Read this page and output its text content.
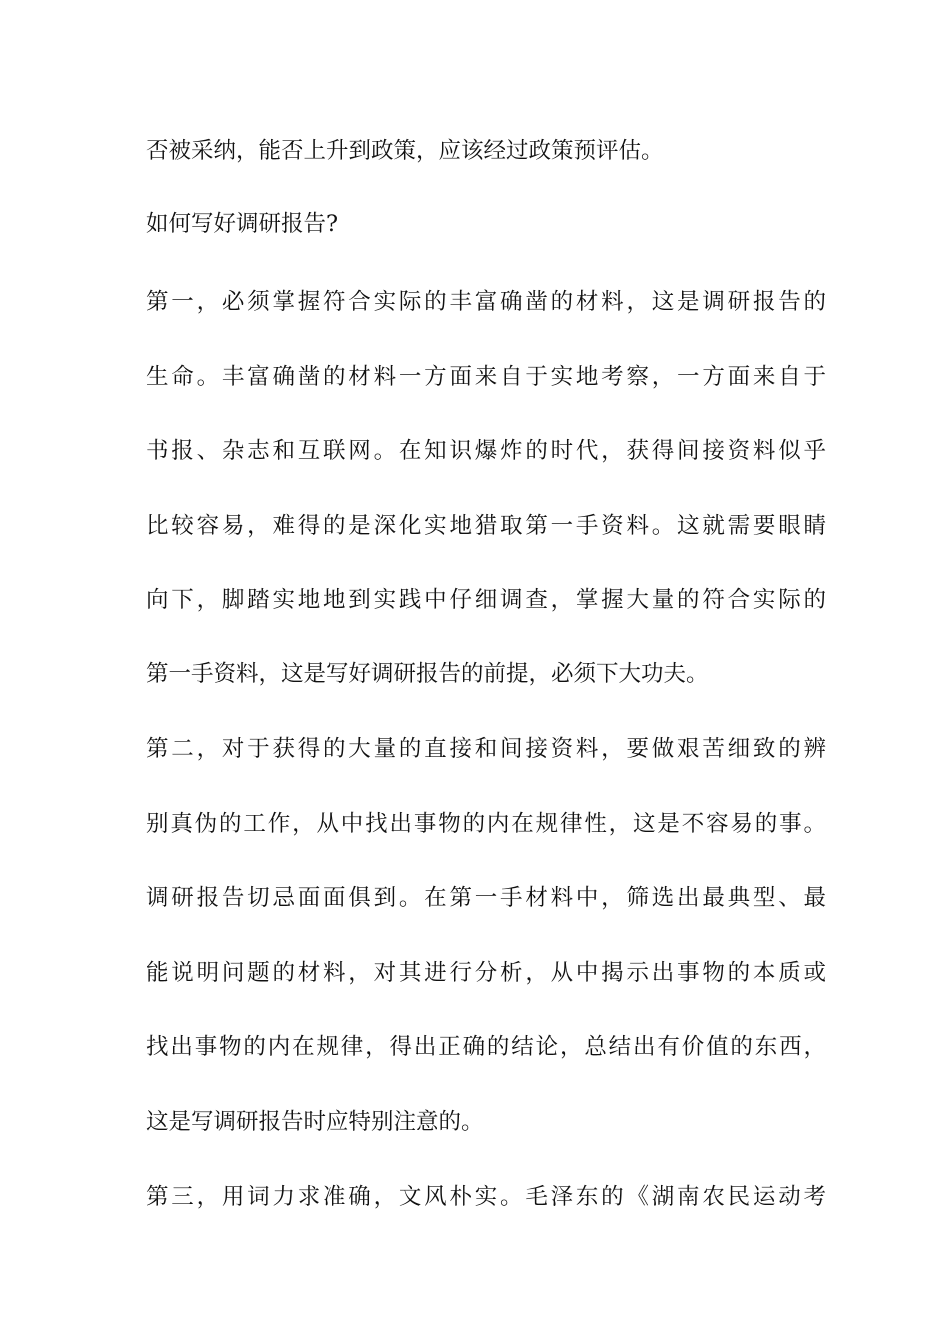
否被采纳，能否上升到政策，应该经过政策预评估。
如何写好调研报告?
第一，必须掌握符合实际的丰富确凿的材料，这是调研报告的
生命。丰富确凿的材料一方面来自于实地考察，一方面来自于
书报、杂志和互联网。在知识爆炸的时代，获得间接资料似乎
比较容易，难得的是深化实地猎取第一手资料。这就需要眼睛
向下，脚踏实地地到实践中仔细调查，掌握大量的符合实际的
第一手资料，这是写好调研报告的前提，必须下大功夫。
第二，对于获得的大量的直接和间接资料，要做艰苦细致的辨
别真伪的工作，从中找出事物的内在规律性，这是不容易的事。
调研报告切忌面面俱到。在第一手材料中，筛选出最典型、最
能说明问题的材料，对其进行分析，从中揭示出事物的本质或
找出事物的内在规律，得出正确的结论，总结出有价值的东西，
这是写调研报告时应特别注意的。
第三，用词力求准确，文风朴实。毛泽东的《湖南农民运动考
